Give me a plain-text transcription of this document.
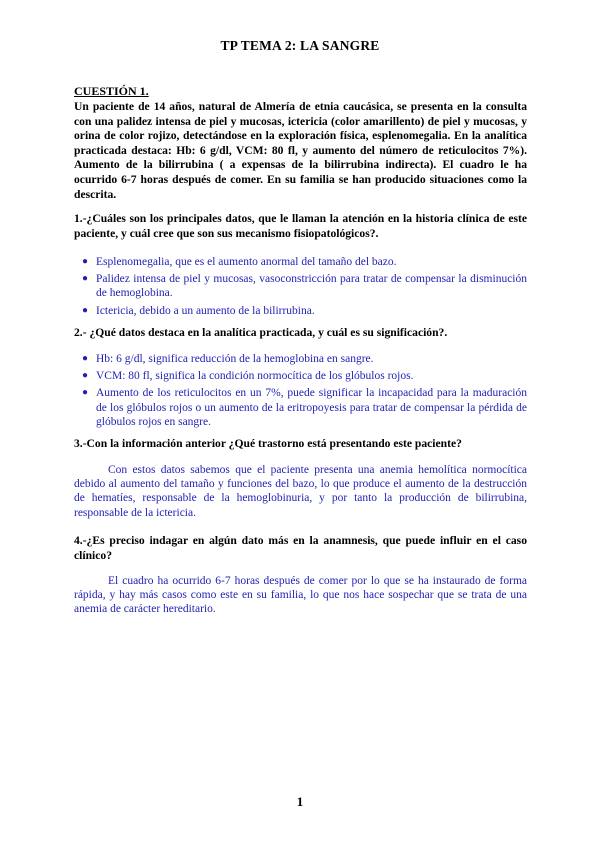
TP TEMA 2: LA SANGRE
CUESTIÓN 1.
Un paciente de 14 años, natural de Almería de etnia caucásica, se presenta en la consulta con una palidez intensa de piel y mucosas, ictericia (color amarillento) de piel y mucosas, y orina de color rojizo, detectándose en la exploración física, esplenomegalia. En la analítica practicada destaca: Hb: 6 g/dl, VCM: 80 fl, y aumento del número de reticulocitos 7%). Aumento de la bilirrubina ( a expensas de la bilirrubina indirecta). El cuadro le ha ocurrido 6-7 horas después de comer. En su familia se han producido situaciones como la descrita.
1.-¿Cuáles son los principales datos, que le llaman la atención en la historia clínica de este paciente, y cuál cree que son sus mecanismo fisiopatológicos?.
● Esplenomegalia, que es el aumento anormal del tamaño del bazo.
● Palidez intensa de piel y mucosas, vasoconstricción para tratar de compensar la disminución de hemoglobina.
● Ictericia, debido a un aumento de la bilirrubina.
2.- ¿Qué datos destaca en la analítica practicada, y cuál es su significación?.
● Hb: 6 g/dl, significa reducción de la hemoglobina en sangre.
● VCM: 80 fl, significa la condición normocítica de los glóbulos rojos.
● Aumento de los reticulocitos en un 7%, puede significar la incapacidad para la maduración de los glóbulos rojos o un aumento de la eritropoyesis para tratar de compensar la pérdida de glóbulos rojos en sangre.
3.-Con la información anterior ¿Qué trastorno está presentando este paciente?
Con estos datos sabemos que el paciente presenta una anemia hemolítica normocítica debido al aumento del tamaño y funciones del bazo, lo que produce el aumento de la destrucción de hematíes, responsable de la hemoglobinuria, y por tanto la producción de bilirrubina, responsable de la ictericia.
4.-¿Es preciso indagar en algún dato más en la anamnesis, que puede influir en el caso clínico?
El cuadro ha ocurrido 6-7 horas después de comer por lo que se ha instaurado de forma rápida, y hay más casos como este en su familia, lo que nos hace sospechar que se trata de una anemia de carácter hereditario.
1
